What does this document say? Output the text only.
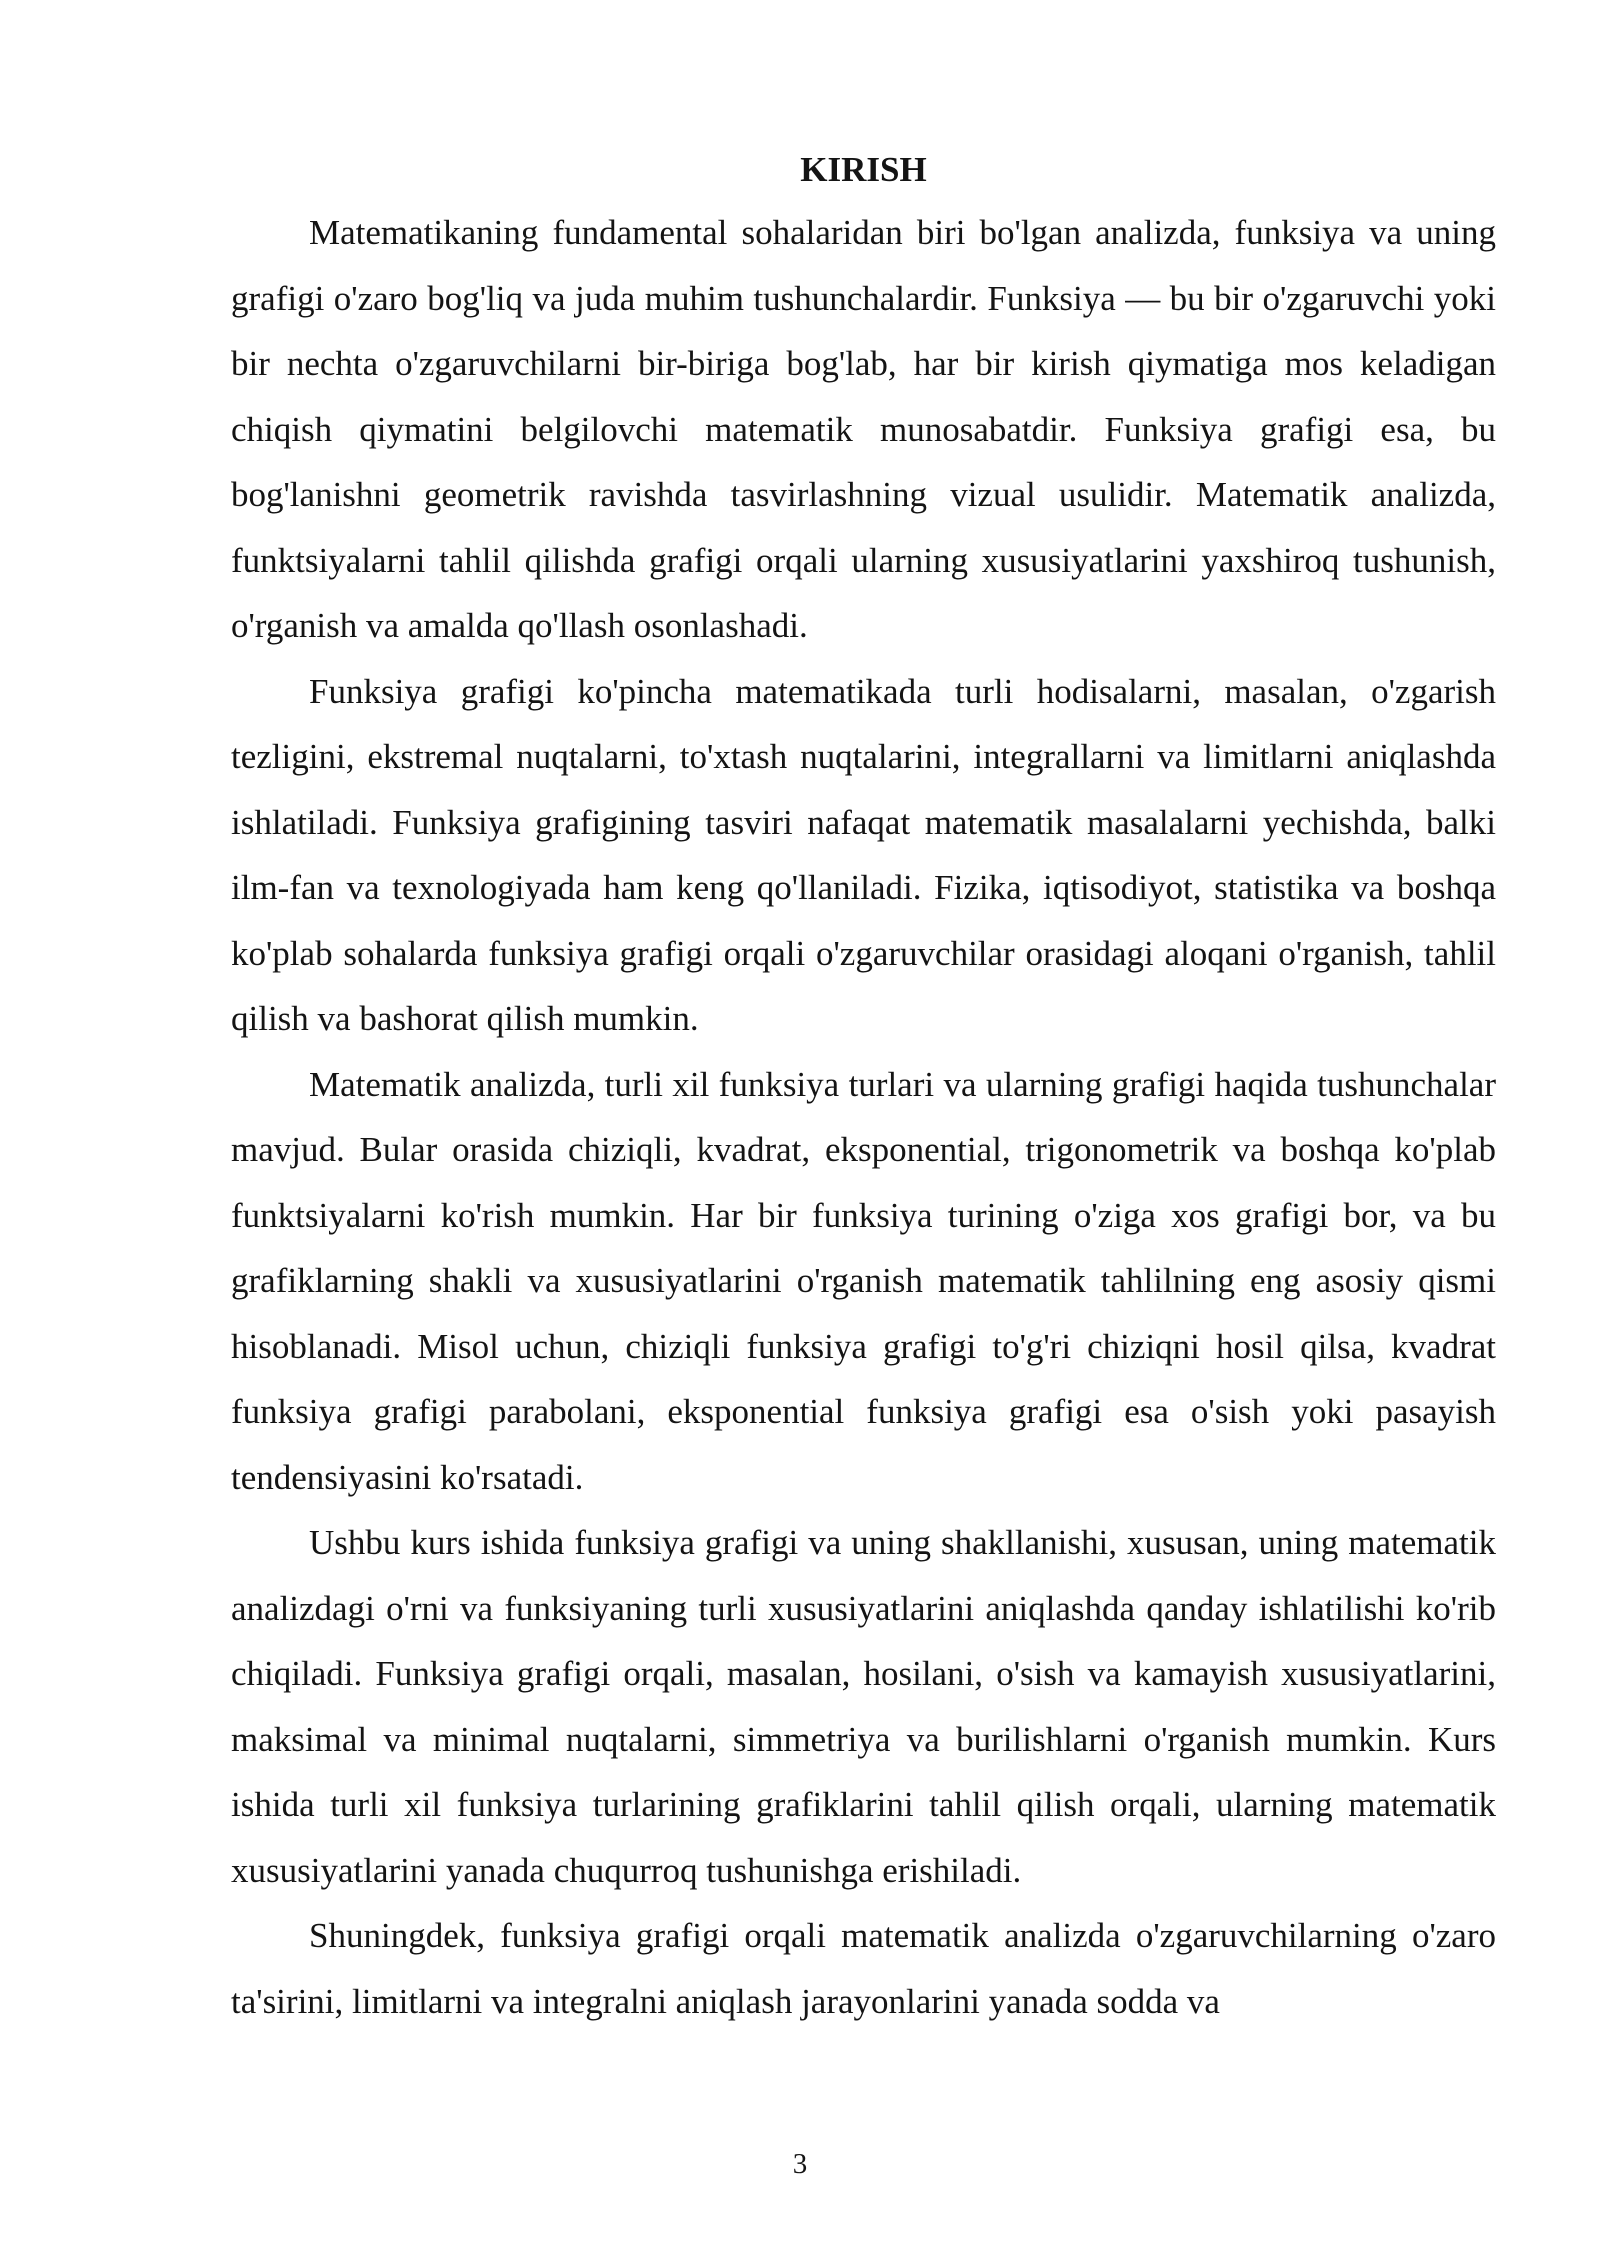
KIRISH

Matematikaning fundamental sohalaridan biri bo'lgan analizda, funksiya va uning grafigi o'zaro bog'liq va juda muhim tushunchalardir. Funksiya — bu bir o'zgaruvchi yoki bir nechta o'zgaruvchilarni bir-biriga bog'lab, har bir kirish qiymatiga mos keladigan chiqish qiymatini belgilovchi matematik munosabatdir. Funksiya grafigi esa, bu bog'lanishni geometrik ravishda tasvirlashning vizual usulidir. Matematik analizda, funktsiyalarni tahlil qilishda grafigi orqali ularning xususiyatlarini yaxshiroq tushunish, o'rganish va amalda qo'llash osonlashadi.

Funksiya grafigi ko'pincha matematikada turli hodisalarni, masalan, o'zgarish tezligini, ekstremal nuqtalarni, to'xtash nuqtalarini, integrallarni va limitlarni aniqlashda ishlatiladi. Funksiya grafigining tasviri nafaqat matematik masalalarni yechishda, balki ilm-fan va texnologiyada ham keng qo'llaniladi. Fizika, iqtisodiyot, statistika va boshqa ko'plab sohalarda funksiya grafigi orqali o'zgaruvchilar orasidagi aloqani o'rganish, tahlil qilish va bashorat qilish mumkin.

Matematik analizda, turli xil funksiya turlari va ularning grafigi haqida tushunchalar mavjud. Bular orasida chiziqli, kvadrat, eksponential, trigonometrik va boshqa ko'plab funktsiyalarni ko'rish mumkin. Har bir funksiya turining o'ziga xos grafigi bor, va bu grafiklarning shakli va xususiyatlarini o'rganish matematik tahlilning eng asosiy qismi hisoblanadi. Misol uchun, chiziqli funksiya grafigi to'g'ri chiziqni hosil qilsa, kvadrat funksiya grafigi parabolani, eksponential funksiya grafigi esa o'sish yoki pasayish tendensiyasini ko'rsatadi.

Ushbu kurs ishida funksiya grafigi va uning shakllanishi, xususan, uning matematik analizdagi o'rni va funksiyaning turli xususiyatlarini aniqlashda qanday ishlatilishi ko'rib chiqiladi. Funksiya grafigi orqali, masalan, hosilani, o'sish va kamayish xususiyatlarini, maksimal va minimal nuqtalarni, simmetriya va burilishlarni o'rganish mumkin. Kurs ishida turli xil funksiya turlarining grafiklarini tahlil qilish orqali, ularning matematik xususiyatlarini yanada chuqurroq tushunishga erishiladi.

Shuningdek, funksiya grafigi orqali matematik analizda o'zgaruvchilarning o'zaro ta'sirini, limitlarni va integralni aniqlash jarayonlarini yanada sodda va

3
